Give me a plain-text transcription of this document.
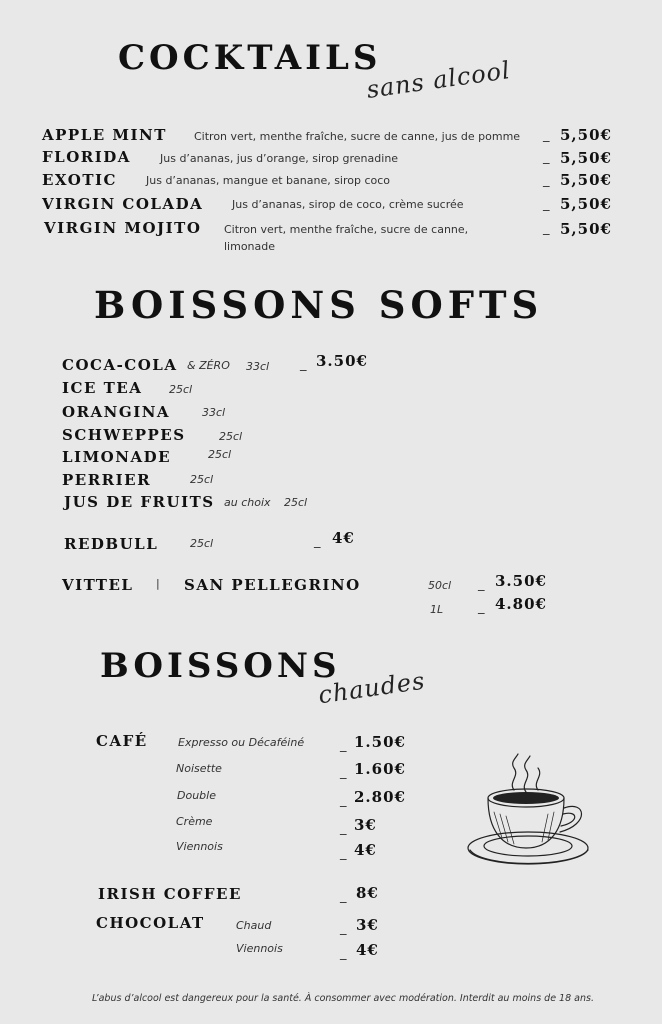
COCKTAILS
sans alcool
APPLE MINT Citron vert, menthe fraîche, sucre de canne, jus de pomme _ 5,50€
FLORIDA	Jus d’ananas, jus d’orange, sirop grenadine	_ 5,50€
EXOTIC	Jus d’ananas, mangue et banane, sirop coco	_ 5,50€
VIRGIN COLADA	Jus d’ananas, sirop de coco, crème sucrée	_ 5,50€
VIRGIN MOJITO Citron vert, menthe fraîche, sucre de canne,
limonade
_ 5,50€
BOISSONS SOFTS
COCA-COLA & ZÉRO 33cl _ 3.50€
ICE TEA 25cl
ORANGINA	33cl
SCHWEPPES	25cl
LIMONADE	25cl
PERRIER	25cl
JUS DE FRUITS au choix 25cl
REDBULL	25cl	_ 4€
VITTEL | SAN PELLEGRINO	50cl _ 3.50€
1L	_ 4.80€
BOISSONS
chaudes
CAFÉ	Expresso ou Décaféiné	_ 1.50€
Noisette	_ 1.60€
Double	_ 2.80€
Crème	_ 3€
Viennois	_ 4€
IRISH COFFEE	_ 8€
CHOCOLAT	Chaud	_ 3€
Viennois	_ 4€
L’abus d’alcool est dangereux pour la santé. À consommer avec modération. Interdit au moins de 18 ans.
